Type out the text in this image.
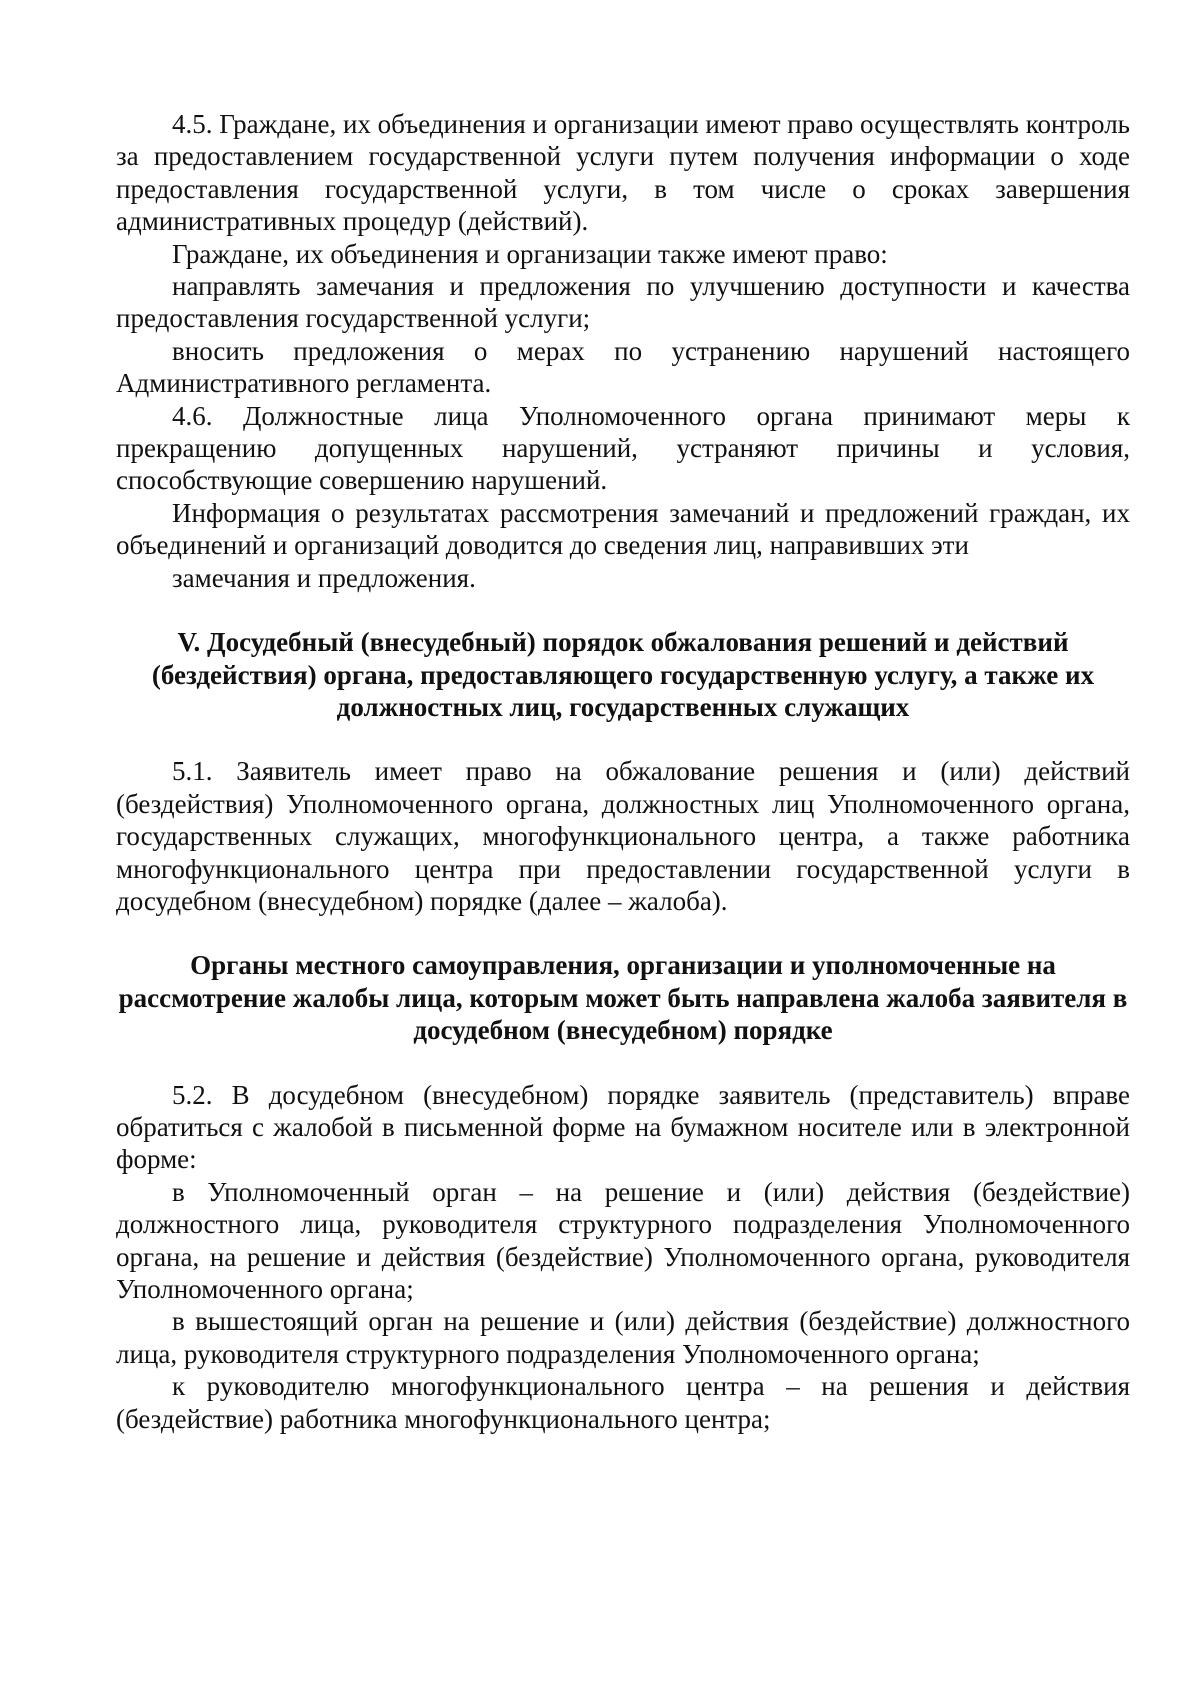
4.5. Граждане, их объединения и организации имеют право осуществлять контроль за предоставлением государственной услуги путем получения информации о ходе предоставления государственной услуги, в том числе о сроках завершения административных процедур (действий).

Граждане, их объединения и организации также имеют право:

направлять замечания и предложения по улучшению доступности и качества предоставления государственной услуги;

вносить предложения о мерах по устранению нарушений настоящего Административного регламента.

4.6. Должностные лица Уполномоченного органа принимают меры к прекращению допущенных нарушений, устраняют причины и условия, способствующие совершению нарушений.

Информация о результатах рассмотрения замечаний и предложений граждан, их объединений и организаций доводится до сведения лиц, направивших эти

замечания и предложения.

V. Досудебный (внесудебный) порядок обжалования решений и действий (бездействия) органа, предоставляющего государственную услугу, а также их должностных лиц, государственных служащих

5.1. Заявитель имеет право на обжалование решения и (или) действий (бездействия) Уполномоченного органа, должностных лиц Уполномоченного органа, государственных служащих, многофункционального центра, а также работника многофункционального центра при предоставлении государственной услуги в досудебном (внесудебном) порядке (далее – жалоба).

Органы местного самоуправления, организации и уполномоченные на рассмотрение жалобы лица, которым может быть направлена жалоба заявителя в досудебном (внесудебном) порядке

5.2. В досудебном (внесудебном) порядке заявитель (представитель) вправе обратиться с жалобой в письменной форме на бумажном носителе или в электронной форме:

в Уполномоченный орган – на решение и (или) действия (бездействие) должностного лица, руководителя структурного подразделения Уполномоченного органа, на решение и действия (бездействие) Уполномоченного органа, руководителя Уполномоченного органа;

в вышестоящий орган на решение и (или) действия (бездействие) должностного лица, руководителя структурного подразделения Уполномоченного органа;

к руководителю многофункционального центра – на решения и действия (бездействие) работника многофункционального центра;
